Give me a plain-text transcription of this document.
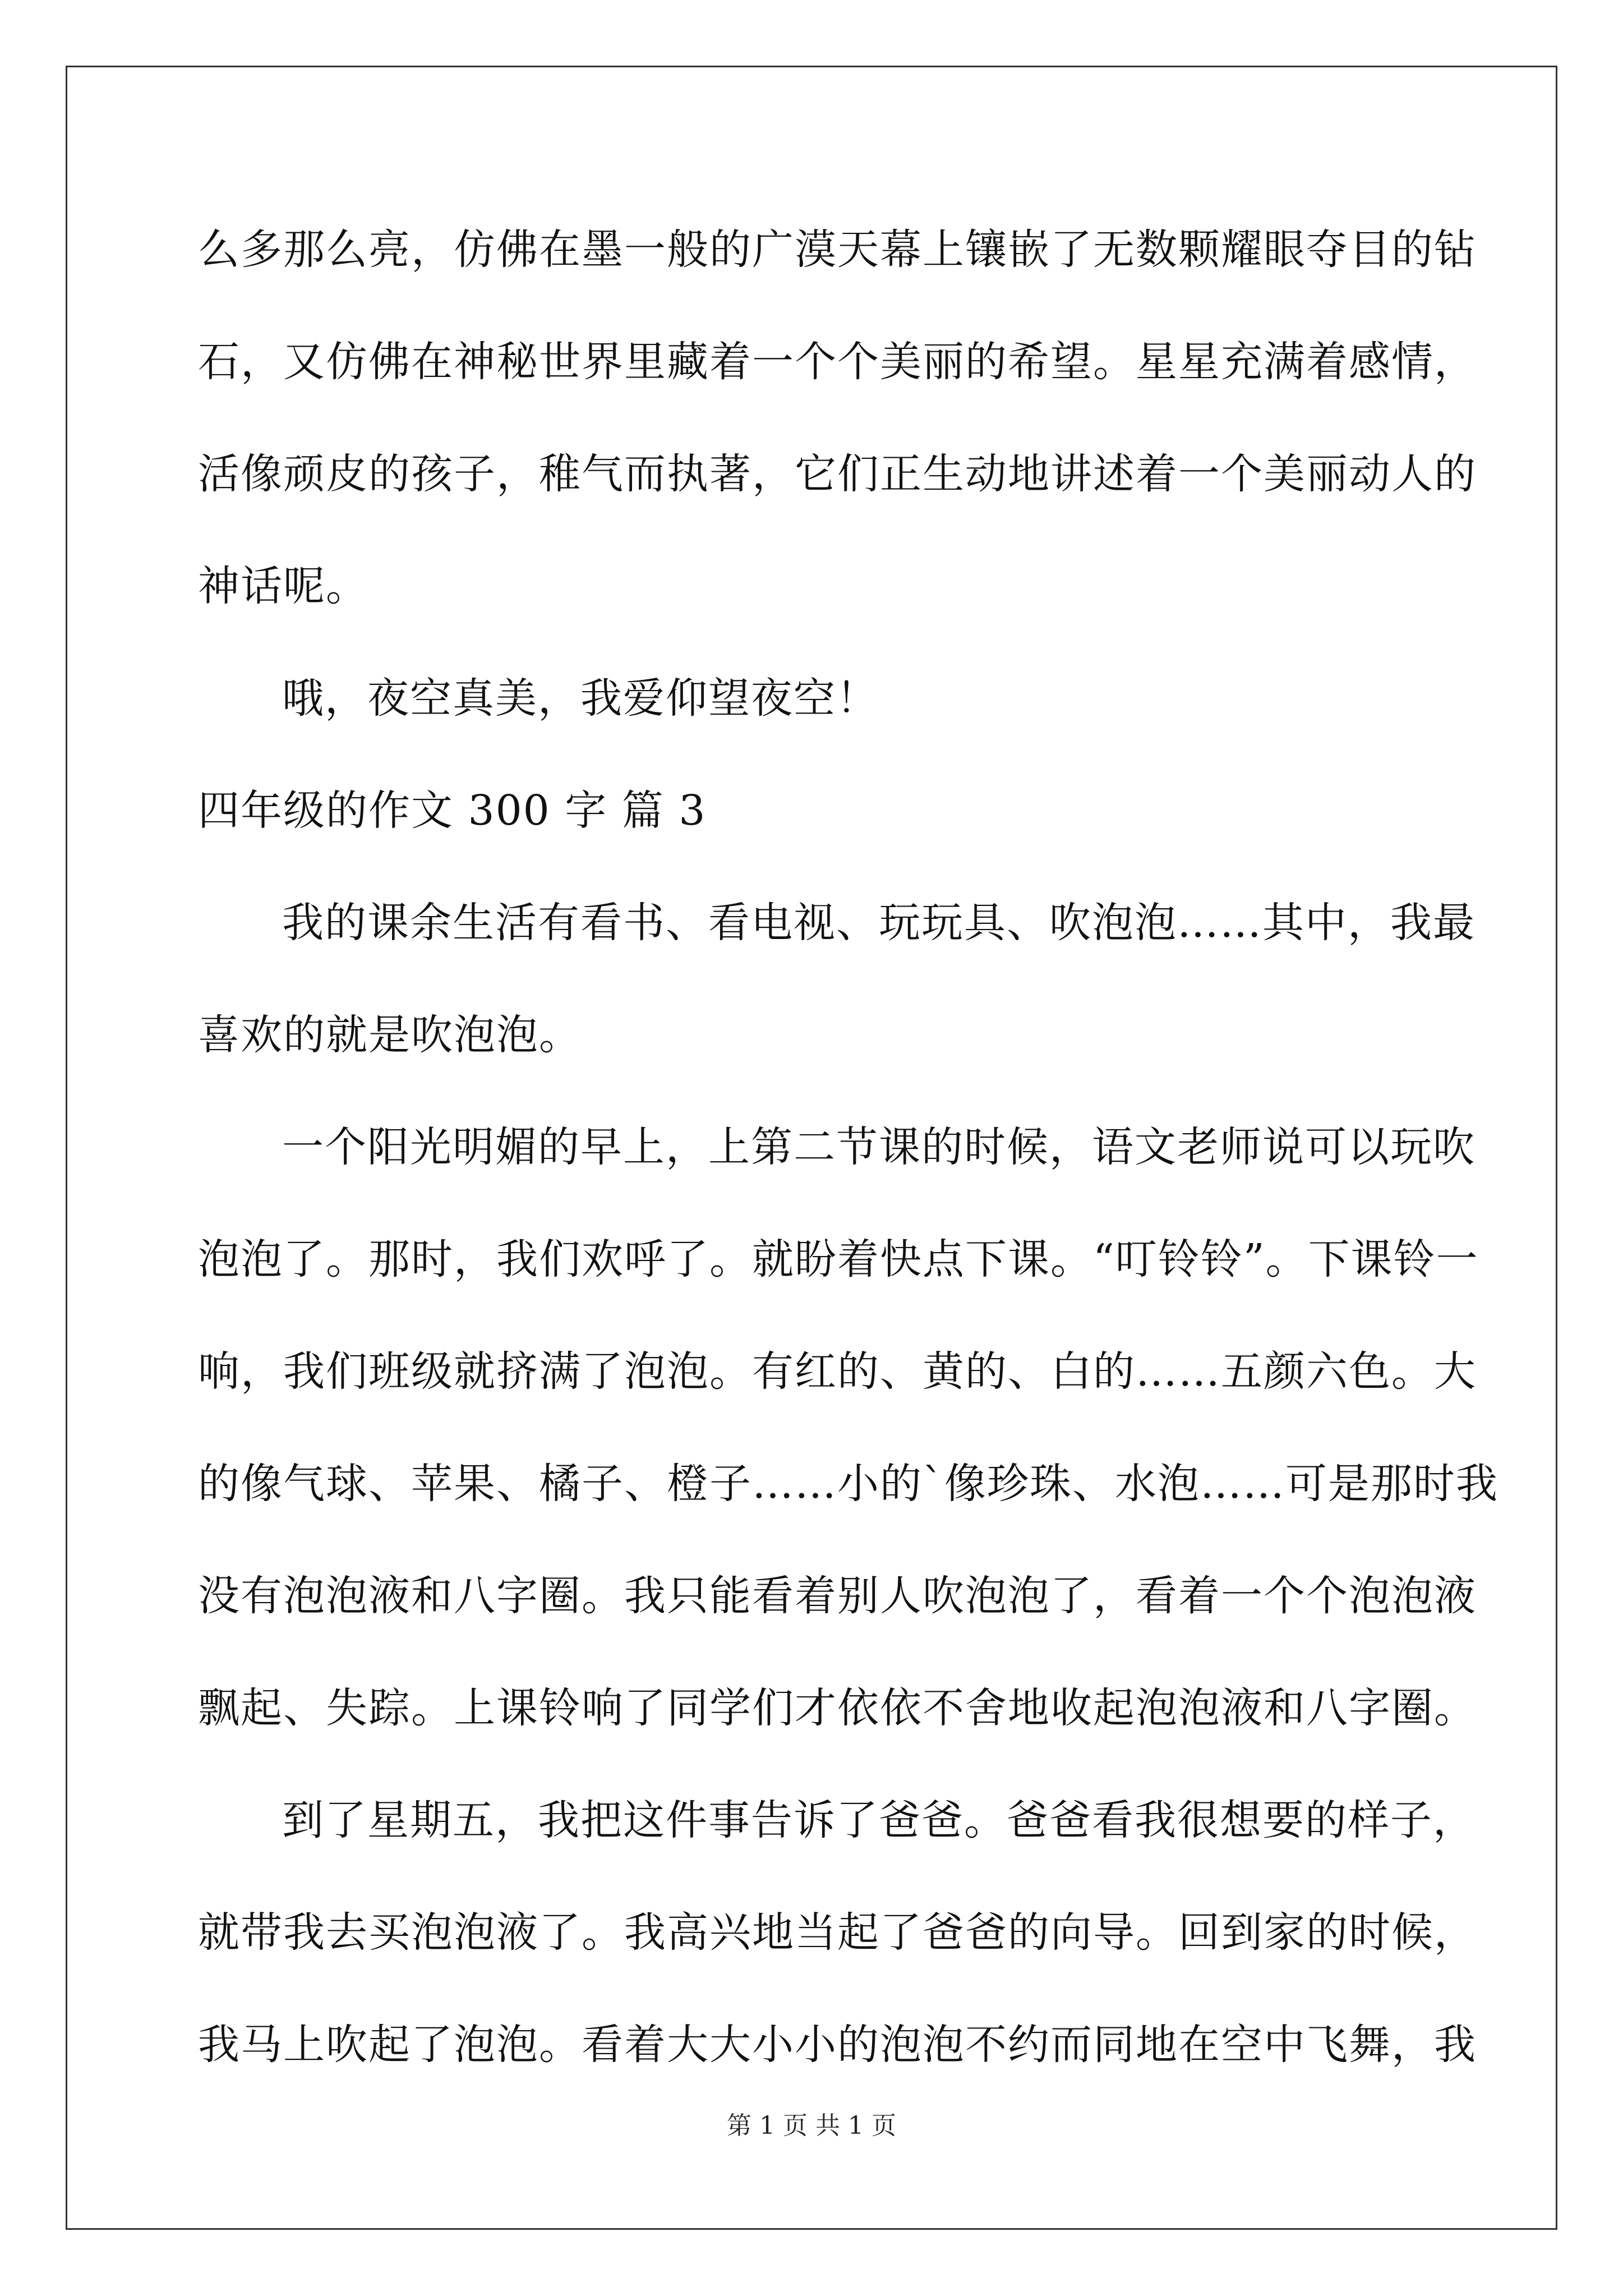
么多那么亮，仿佛在墨一般的广漠天幕上镶嵌了无数颗耀眼夺目的钻
石，又仿佛在神秘世界里藏着一个个美丽的希望。星星充满着感情，
活像顽皮的孩子，稚气而执著，它们正生动地讲述着一个美丽动人的
神话呢。
哦，夜空真美，我爱仰望夜空！
四年级的作文 300 字 篇 3
我的课余生活有看书、看电视、玩玩具、吹泡泡……其中，我最
喜欢的就是吹泡泡。
一个阳光明媚的早上，上第二节课的时候，语文老师说可以玩吹
泡泡了。那时，我们欢呼了。就盼着快点下课。“叮铃铃”。下课铃一
响，我们班级就挤满了泡泡。有红的、黄的、白的……五颜六色。大
的像气球、苹果、橘子、橙子……小的`像珍珠、水泡……可是那时我
没有泡泡液和八字圈。我只能看着别人吹泡泡了，看着一个个泡泡液
飘起、失踪。上课铃响了同学们才依依不舍地收起泡泡液和八字圈。
到了星期五，我把这件事告诉了爸爸。爸爸看我很想要的样子，
就带我去买泡泡液了。我高兴地当起了爸爸的向导。回到家的时候，
我马上吹起了泡泡。看着大大小小的泡泡不约而同地在空中飞舞，我
第 1 页 共 1 页
